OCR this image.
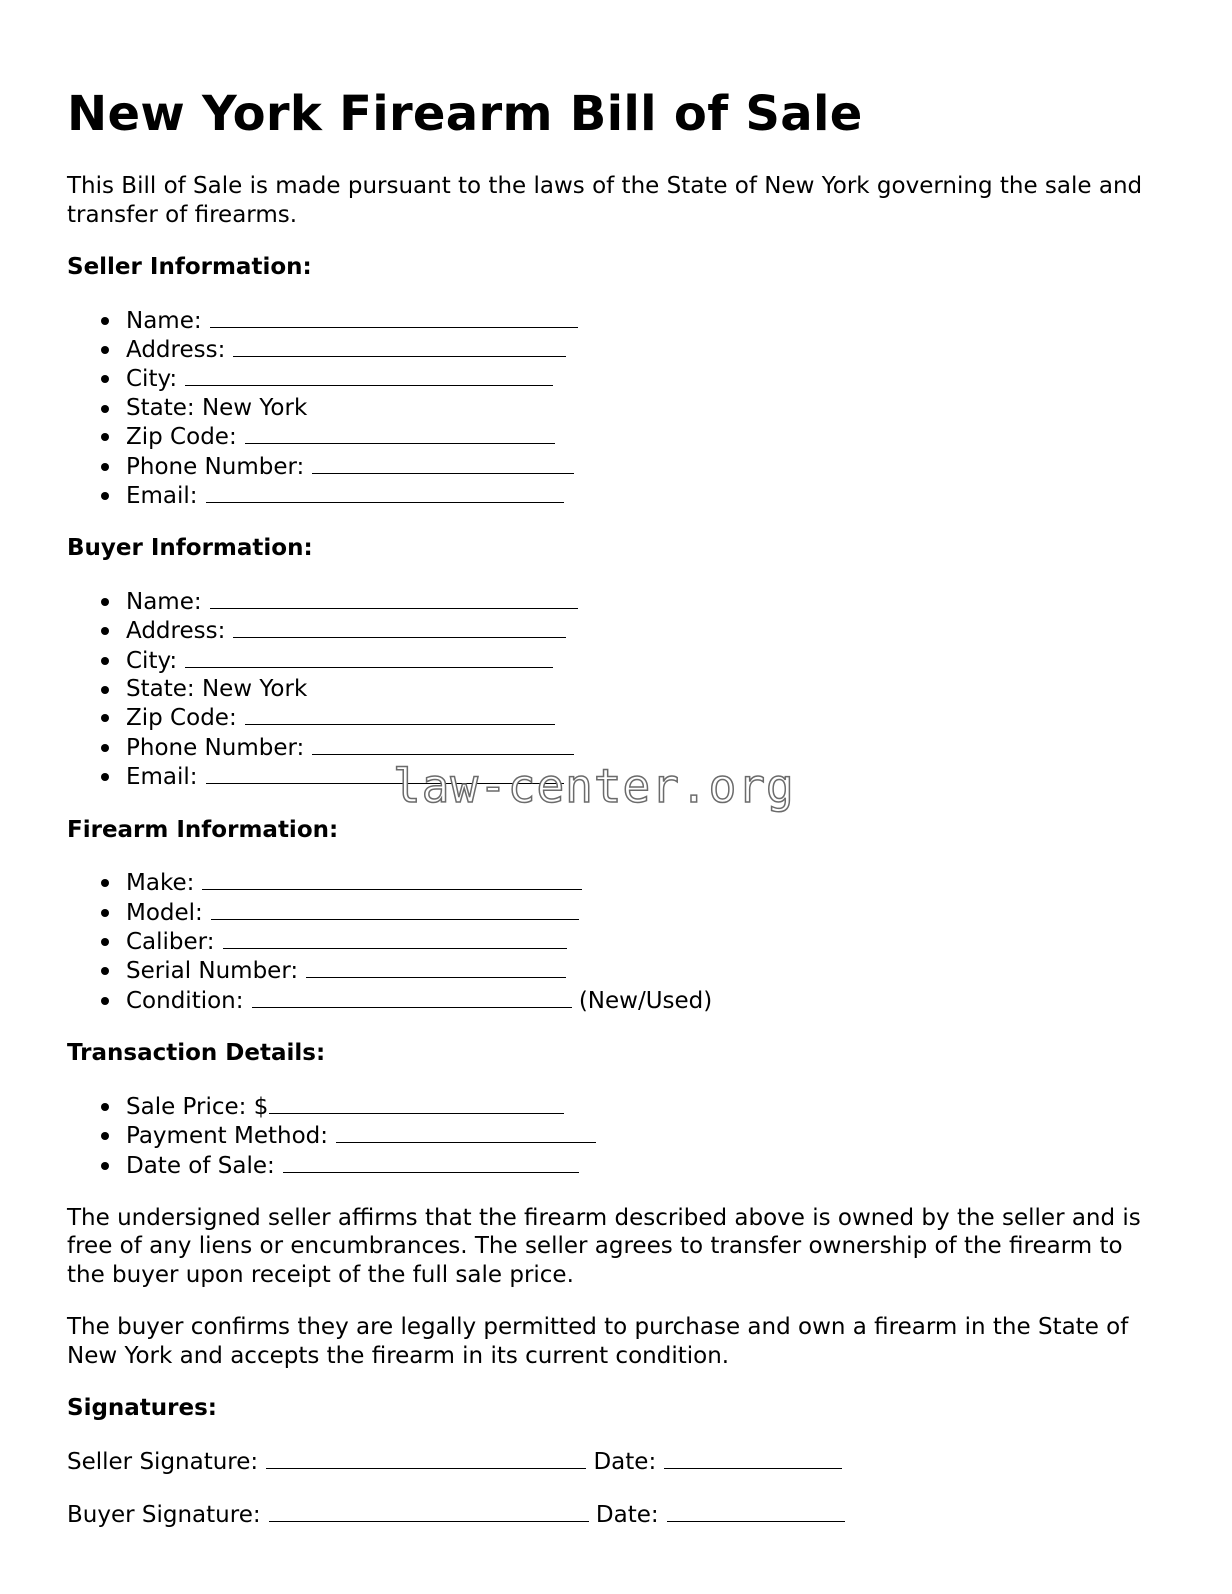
New York Firearm Bill of Sale

This Bill of Sale is made pursuant to the laws of the State of New York governing the sale and transfer of firearms.

Seller Information:
Name:
Address:
City:
State: New York
Zip Code:
Phone Number:
Email:
Buyer Information:
Name:
Address:
City:
State: New York
Zip Code:
Phone Number:
Email:
Firearm Information:
Make:
Model:
Caliber:
Serial Number:
Condition:	(New/Used)
Transaction Details:
Sale Price: $
Payment Method:
Date of Sale:

The undersigned seller affirms that the firearm described above is owned by the seller and is free of any liens or encumbrances. The seller agrees to transfer ownership of the firearm to the buyer upon receipt of the full sale price.

The buyer confirms they are legally permitted to purchase and own a firearm in the State of New York and accepts the firearm in its current condition.

Signatures:
Seller Signature:	Date:
Buyer Signature:	Date:
law-center.org
